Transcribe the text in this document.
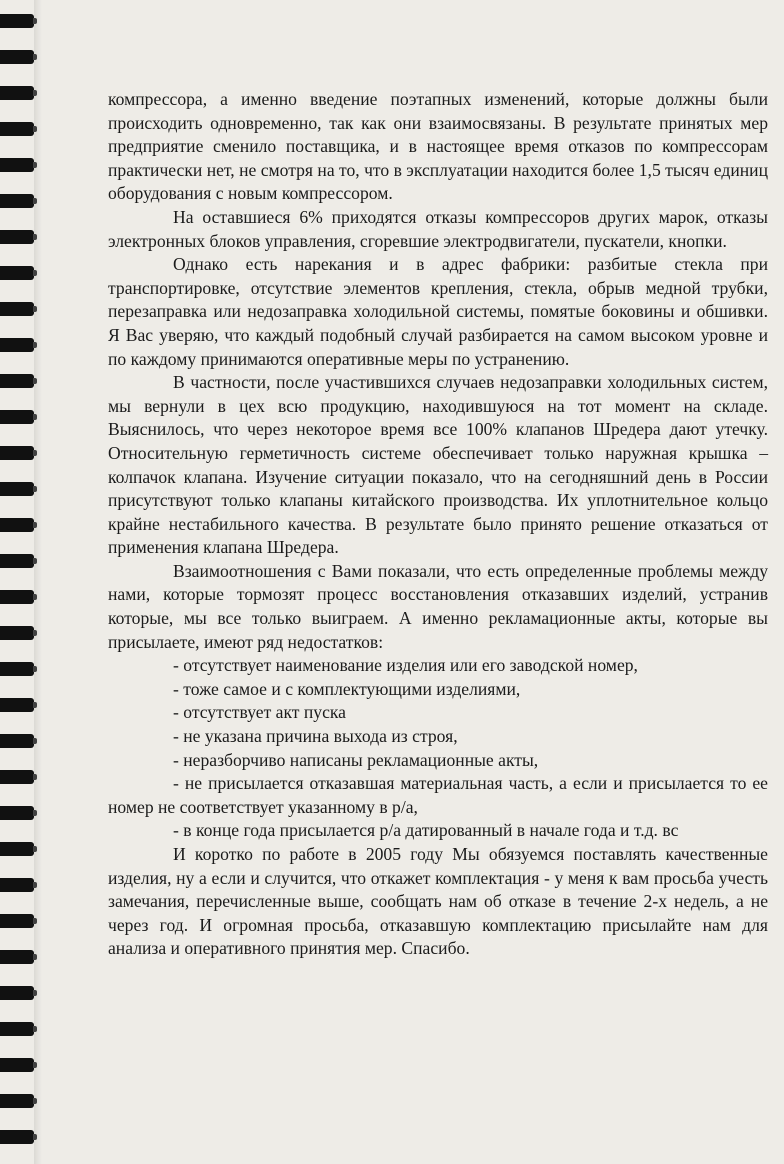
компрессора, а именно введение поэтапных изменений, которые должны были происходить одновременно, так как они взаимосвязаны. В результате принятых мер предприятие сменило поставщика, и в настоящее время отказов по компрессорам практически нет, не смотря на то, что в эксплуатации находится более 1,5 тысяч единиц оборудования с новым компрессором.

На оставшиеся 6% приходятся отказы компрессоров других марок, отказы электронных блоков управления, сгоревшие электродвигатели, пускатели, кнопки.

Однако есть нарекания и в адрес фабрики: разбитые стекла при транспортировке, отсутствие элементов крепления, стекла, обрыв медной трубки, перезаправка или недозаправка холодильной системы, помятые боковины и обшивки. Я Вас уверяю, что каждый подобный случай разбирается на самом высоком уровне и по каждому принимаются оперативные меры по устранению.

В частности, после участившихся случаев недозаправки холодильных систем, мы вернули в цех всю продукцию, находившуюся на тот момент на складе. Выяснилось, что через некоторое время все 100% клапанов Шредера дают утечку. Относительную герметичность системе обеспечивает только наружная крышка – колпачок клапана. Изучение ситуации показало, что на сегодняшний день в России присутствуют только клапаны китайского производства. Их уплотнительное кольцо крайне нестабильного качества. В результате было принято решение отказаться от применения клапана Шредера.

Взаимоотношения с Вами показали, что есть определенные проблемы между нами, которые тормозят процесс восстановления отказавших изделий, устранив которые, мы все только выиграем. А именно рекламационные акты, которые вы присылаете, имеют ряд недостатков:

- отсутствует наименование изделия или его заводской номер,

- тоже самое и с комплектующими изделиями,

- отсутствует акт пуска

- не указана причина выхода из строя,

- неразборчиво написаны рекламационные акты,

- не присылается отказавшая материальная часть, а если и присылается то ее номер не соответствует указанному в р/а,

- в конце года присылается р/а датированный в начале года и т.д. вс

И коротко по работе в 2005 году Мы обязуемся поставлять качественные изделия, ну а если и случится, что откажет комплектация - у меня к вам просьба учесть замечания, перечисленные выше, сообщать нам об отказе в течение 2-х недель, а не через год. И огромная просьба, отказавшую комплектацию присылайте нам для анализа и оперативного принятия мер. Спасибо.
